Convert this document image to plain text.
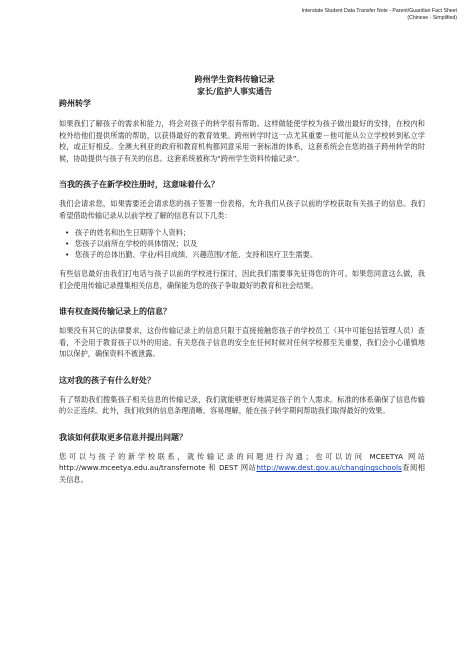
Interstate Student Data Transfer Note - Parent/Guardian Fact Sheet
(Chinese - Simplified)
跨州学生资料传输记录
家长/监护人事实通告
跨州转学

如果我们了解孩子的需求和能力，将会对孩子的转学很有帮助。这样做能使学校为孩子做出最好的安排，在校内和校外给他们提供所需的帮助，以获得最好的教育效果。跨州转学时这一点尤其重要－他可能从公立学校转到私立学校，或正好相反。全澳大利亚的政府和教育机构都同意采用一套标准的体系，这套系统会在您的孩子跨州转学的时候，协助提供与孩子有关的信息。这套系统被称为“跨州学生资料传输记录”。

当我的孩子在新学校注册时，这意味着什么？

我们会请求您，如果需要还会请求您的孩子签署一份表格，允许我们从孩子以前的学校获取有关孩子的信息。我们希望借助传输记录从以前学校了解的信息有以下几类：

• 孩子的姓名和出生日期等个人资料；
• 您孩子以前所在学校的具体情况；以及
• 您孩子的总体出勤、学业/科目成绩、兴趣范围/才能、支持和医疗卫生需要。

有些信息最好由我们打电话与孩子以前的学校进行探讨，因此我们需要事先征得您的许可。如果您同意这么做，我们会使用传输记录搜集相关信息，确保能为您的孩子争取最好的教育和社会结果。

谁有权查阅传输记录上的信息？

如果没有其它的法律要求，这份传输记录上的信息只限于直接接触您孩子的学校员工（其中可能包括管理人员）查看，不会用于教育孩子以外的用途。有关您孩子信息的安全在任何时候对任何学校都至关重要，我们会小心谨慎地加以保护，确保资料不被泄露。

这对我的孩子有什么好处？

有了帮助我们搜集孩子相关信息的传输记录，我们就能够更好地满足孩子的个人需求。标准的体系确保了信息传输的公正连续。此外，我们收到的信息条理清晰、容易理解，能在孩子转学期间帮助我们取得最好的效果。

我该如何获取更多信息并提出问题？

您可以与孩子的新学校联系，就传输记录的问题进行沟通；也可以访问 MCEETYA 网站 http://www.mceetya.edu.au/transfernote 和 DEST 网站http://www.dest.gov.au/changingschools查阅相关信息。
